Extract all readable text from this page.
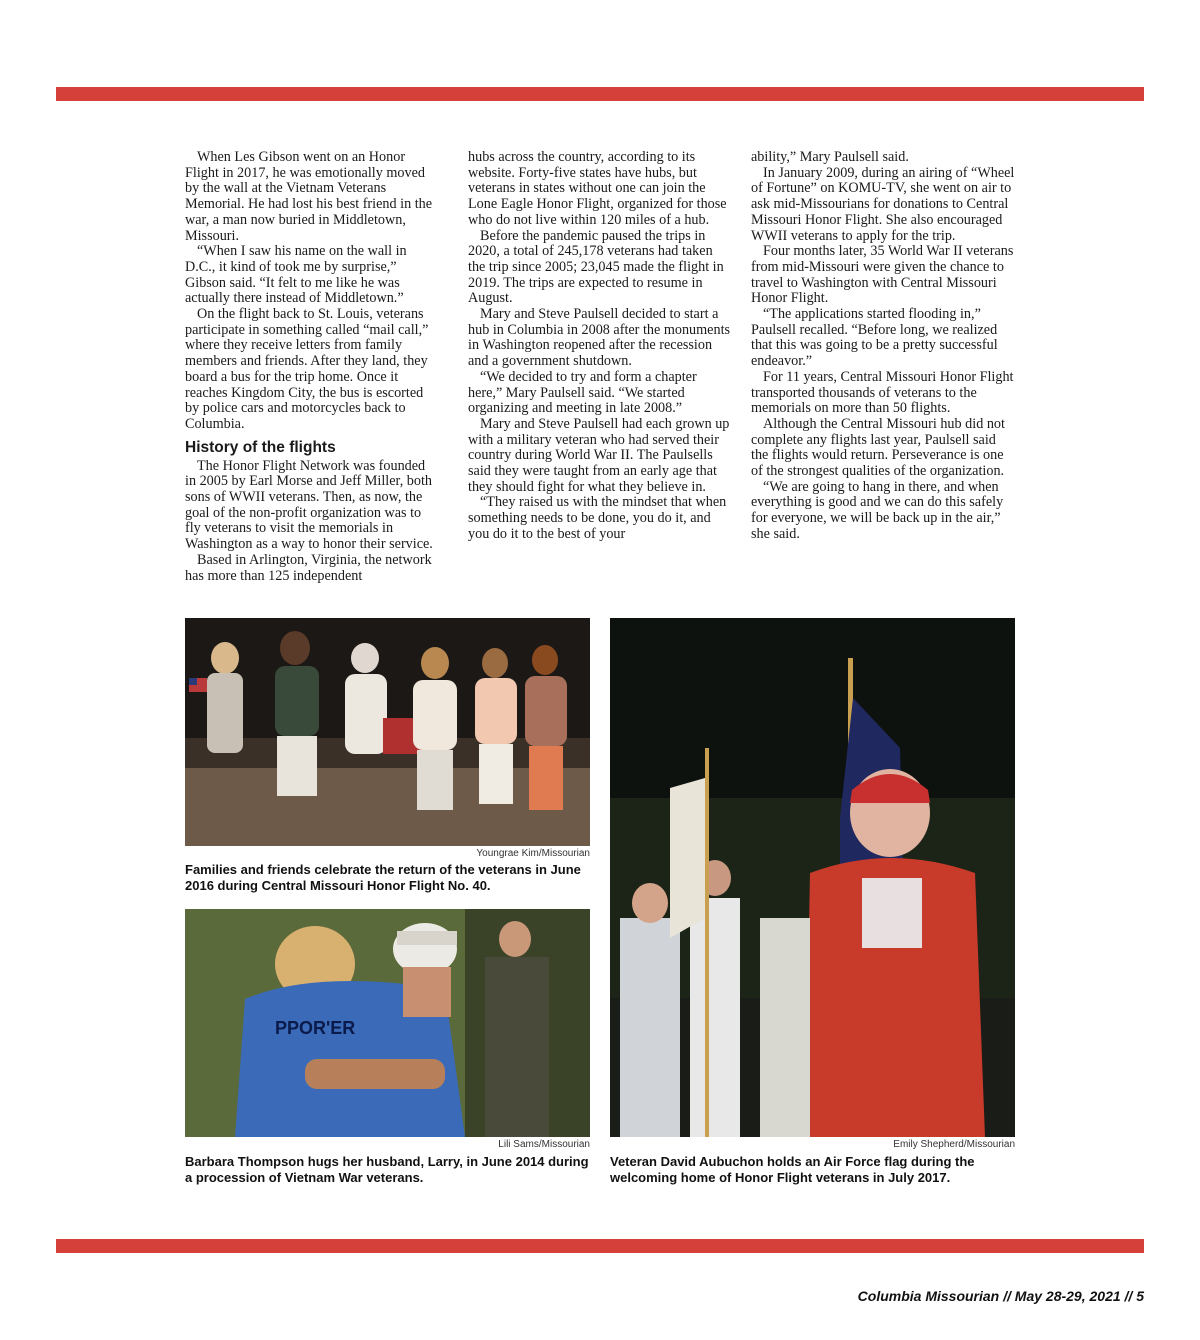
When Les Gibson went on an Honor Flight in 2017, he was emotionally moved by the wall at the Vietnam Veterans Memorial. He had lost his best friend in the war, a man now buried in Middletown, Missouri.

“When I saw his name on the wall in D.C., it kind of took me by surprise,” Gibson said. “It felt to me like he was actually there instead of Middletown.”

On the flight back to St. Louis, veterans participate in something called “mail call,” where they receive letters from family members and friends. After they land, they board a bus for the trip home. Once it reaches Kingdom City, the bus is escorted by police cars and motorcycles back to Columbia.

History of the flights

The Honor Flight Network was founded in 2005 by Earl Morse and Jeff Miller, both sons of WWII veterans. Then, as now, the goal of the non-profit organization was to fly veterans to visit the memorials in Washington as a way to honor their service.

Based in Arlington, Virginia, the network has more than 125 independent

hubs across the country, according to its website. Forty-five states have hubs, but veterans in states without one can join the Lone Eagle Honor Flight, organized for those who do not live within 120 miles of a hub.

Before the pandemic paused the trips in 2020, a total of 245,178 veterans had taken the trip since 2005; 23,045 made the flight in 2019. The trips are expected to resume in August.

Mary and Steve Paulsell decided to start a hub in Columbia in 2008 after the monuments in Washington reopened after the recession and a government shutdown.

“We decided to try and form a chapter here,” Mary Paulsell said. “We started organizing and meeting in late 2008.”

Mary and Steve Paulsell had each grown up with a military veteran who had served their country during World War II. The Paulsells said they were taught from an early age that they should fight for what they believe in.

“They raised us with the mindset that when something needs to be done, you do it, and you do it to the best of your

ability,” Mary Paulsell said.

In January 2009, during an airing of “Wheel of Fortune” on KOMU-TV, she went on air to ask mid-Missourians for donations to Central Missouri Honor Flight. She also encouraged WWII veterans to apply for the trip.

Four months later, 35 World War II veterans from mid-Missouri were given the chance to travel to Washington with Central Missouri Honor Flight.

“The applications started flooding in,” Paulsell recalled. “Before long, we realized that this was going to be a pretty successful endeavor.”

For 11 years, Central Missouri Honor Flight transported thousands of veterans to the memorials on more than 50 flights.

Although the Central Missouri hub did not complete any flights last year, Paulsell said the flights would return. Perseverance is one of the strongest qualities of the organization.

“We are going to hang in there, and when everything is good and we can do this safely for everyone, we will be back up in the air,” she said.

Youngrae Kim/Missourian
Families and friends celebrate the return of the veterans in June 2016 during Central Missouri Honor Flight No. 40.
PPOR'ER
Lili Sams/Missourian
Barbara Thompson hugs her husband, Larry, in June 2014 during a procession of Vietnam War veterans.
Emily Shepherd/Missourian
Veteran David Aubuchon holds an Air Force flag during the welcoming home of Honor Flight veterans in July 2017.
Columbia Missourian // May 28-29, 2021 // 5
